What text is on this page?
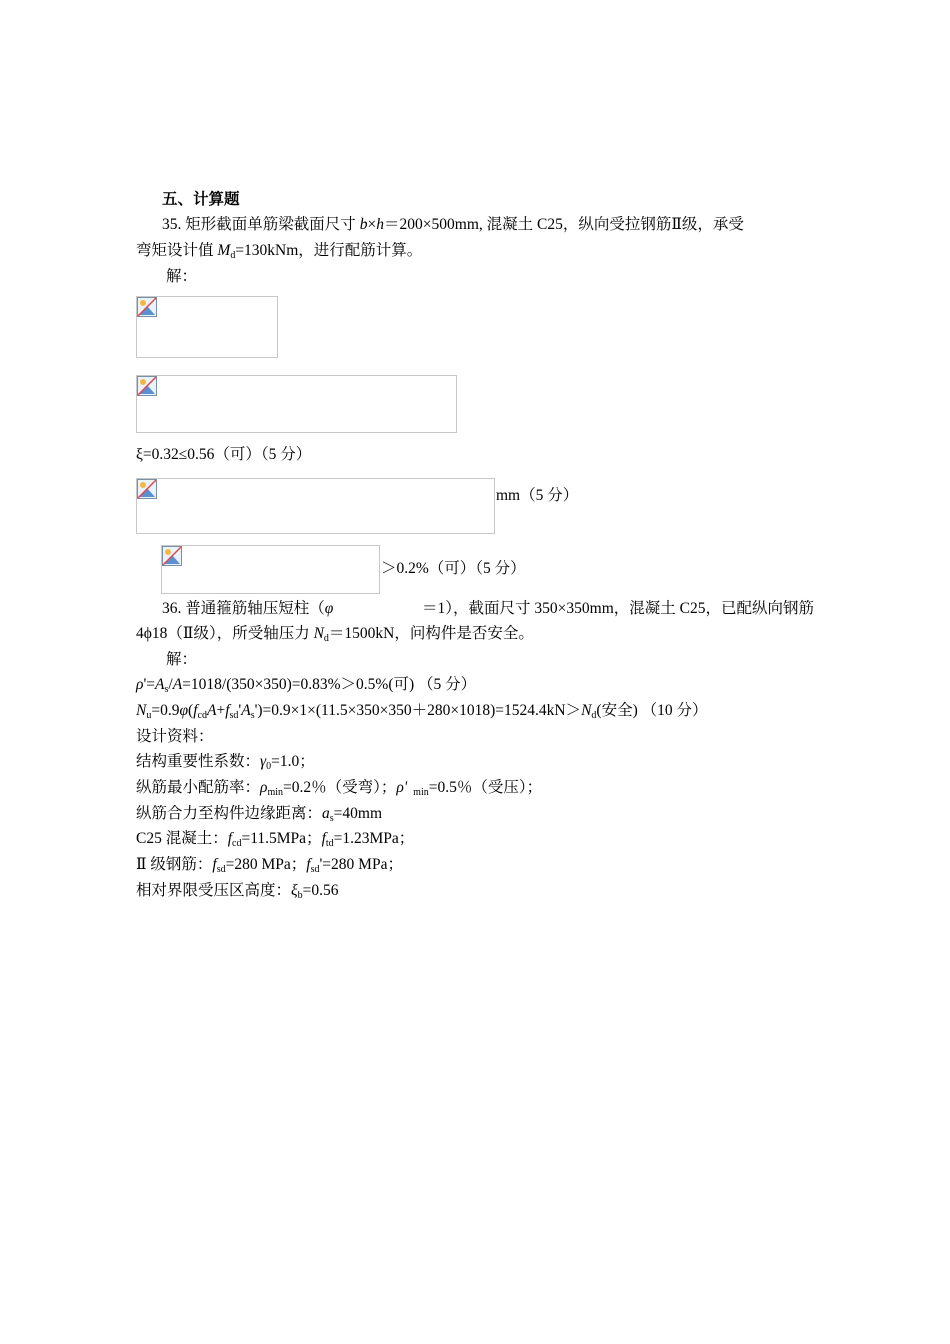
五、计算题
35. 矩形截面单筋梁截面尺寸 b×h＝200×500mm, 混凝土 C25，纵向受拉钢筋Ⅱ级，承受
弯矩设计值 $M_d=130kNm$，进行配筋计算。
解：
ξ=0.32≤0.56（可）（5 分）
mm（5 分）
＞0.2%（可）（5 分）
36. 普通箍筋轴压短柱（φ	＝1），截面尺寸 350×350mm，混凝土 C25，已配纵向钢筋
4ϕ18（Ⅱ级），所受轴压力 $N_d=1500kN$，问构件是否安全。
解：
$\rho'=A_s/A=1018/(350\times 350)=0.83\%>0.5\%$(可) （5 分）
$N_u=0.9\varphi(f_{cd}A+f_{sd}'A_s')=0.9\times 1\times(11.5\times 350\times 350+280\times 1018)=1524.4kN>N_d$(安全) （10 分）
设计资料：
结构重要性系数：$\gamma_0=1.0$；
纵筋最小配筋率：$\rho_{min}=0.2$％（受弯）；ρ' $_{min}$=0.5％（受压）；
纵筋合力至构件边缘距离：$a_s=40mm$
C25 混凝土：$f_{cd}=11.5MPa$；$f_{td}=1.23MPa$；
Ⅱ 级钢筋：$f_{sd}=280$ MPa；$f_{sd}'=280$ MPa；
相对界限受压区高度：$\xi_b=0.56$
